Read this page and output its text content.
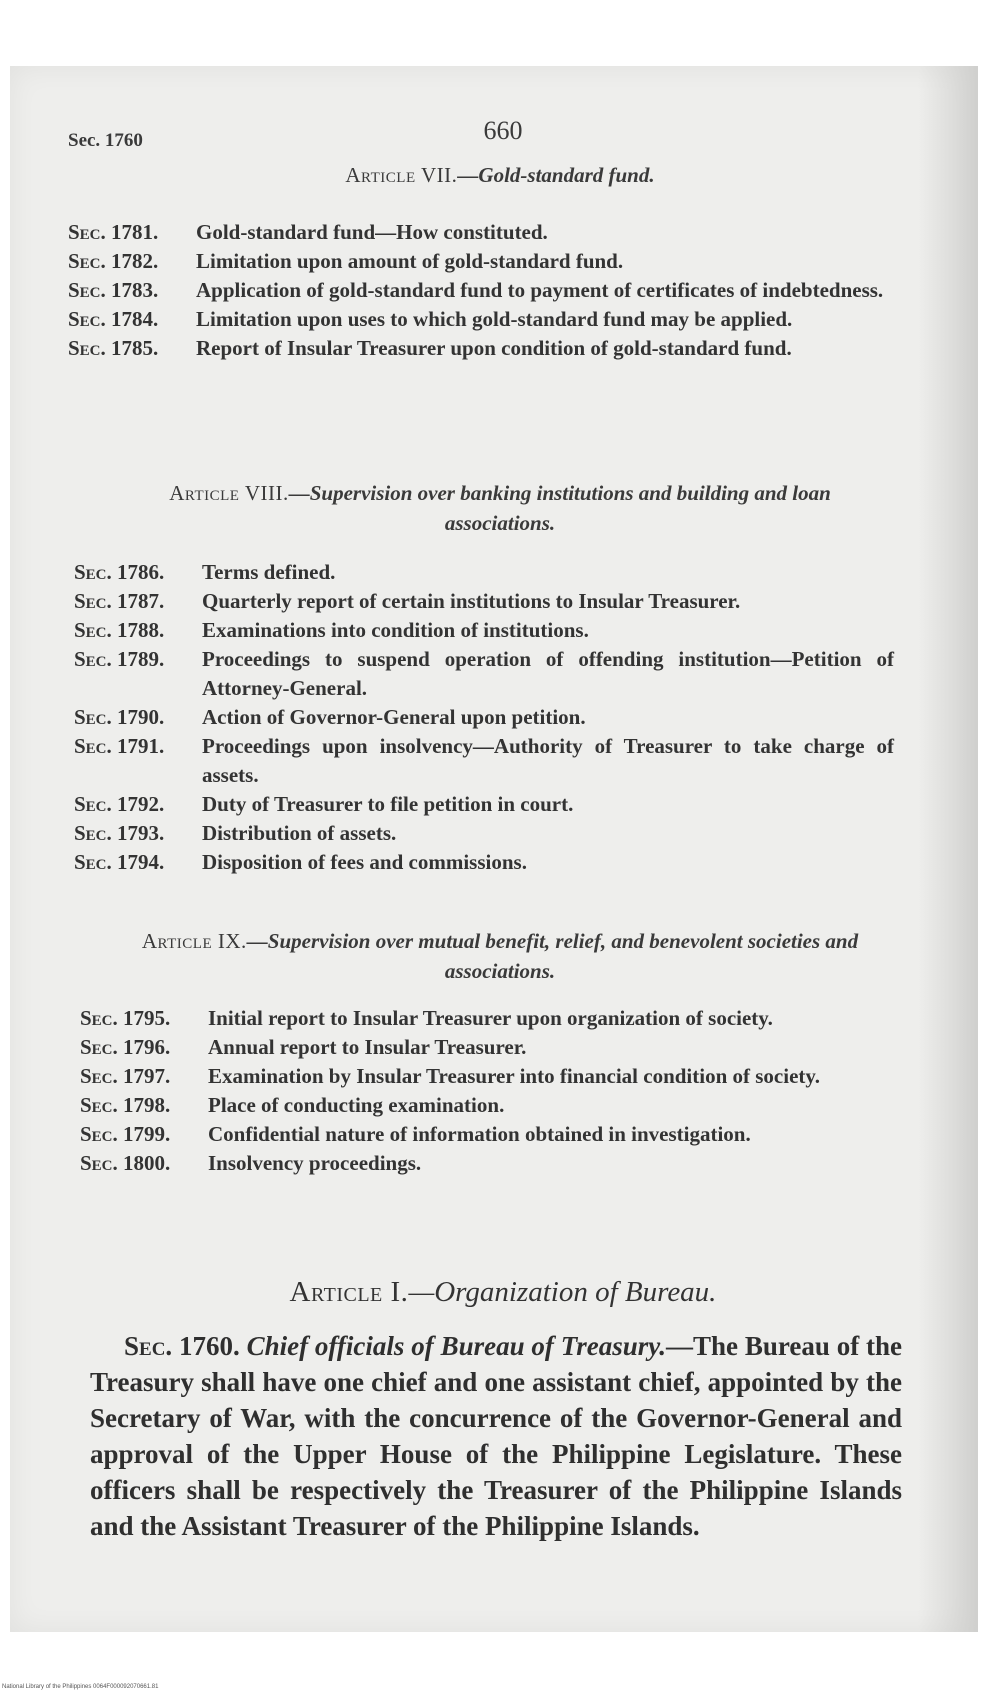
Sec. 1760	660
Article VII.—Gold-standard fund.
Sec. 1781.	Gold-standard fund—How constituted.
Sec. 1782.	Limitation upon amount of gold-standard fund.
Sec. 1783.	Application of gold-standard fund to payment of certificates of indebtedness.
Sec. 1784.	Limitation upon uses to which gold-standard fund may be applied.
Sec. 1785.	Report of Insular Treasurer upon condition of gold-standard fund.
Article VIII.—Supervision over banking institutions and building and loan associations.
Sec. 1786.	Terms defined.
Sec. 1787.	Quarterly report of certain institutions to Insular Treasurer.
Sec. 1788.	Examinations into condition of institutions.
Sec. 1789.	Proceedings to suspend operation of offending institution—Petition of Attorney-General.
Sec. 1790.	Action of Governor-General upon petition.
Sec. 1791.	Proceedings upon insolvency—Authority of Treasurer to take charge of assets.
Sec. 1792.	Duty of Treasurer to file petition in court.
Sec. 1793.	Distribution of assets.
Sec. 1794.	Disposition of fees and commissions.
Article IX.—Supervision over mutual benefit, relief, and benevolent societies and associations.
Sec. 1795.	Initial report to Insular Treasurer upon organization of society.
Sec. 1796.	Annual report to Insular Treasurer.
Sec. 1797.	Examination by Insular Treasurer into financial condition of society.
Sec. 1798.	Place of conducting examination.
Sec. 1799.	Confidential nature of information obtained in investigation.
Sec. 1800.	Insolvency proceedings.
Article I.—Organization of Bureau.

Sec. 1760. Chief officials of Bureau of Treasury.—The Bureau of the Treasury shall have one chief and one assistant chief, appointed by the Secretary of War, with the concurrence of the Governor-General and approval of the Upper House of the Philippine Legislature. These officers shall be respectively the Treasurer of the Philippine Islands and the Assistant Treasurer of the Philippine Islands.

National Library of the Philippines 0064F000092070661.81
